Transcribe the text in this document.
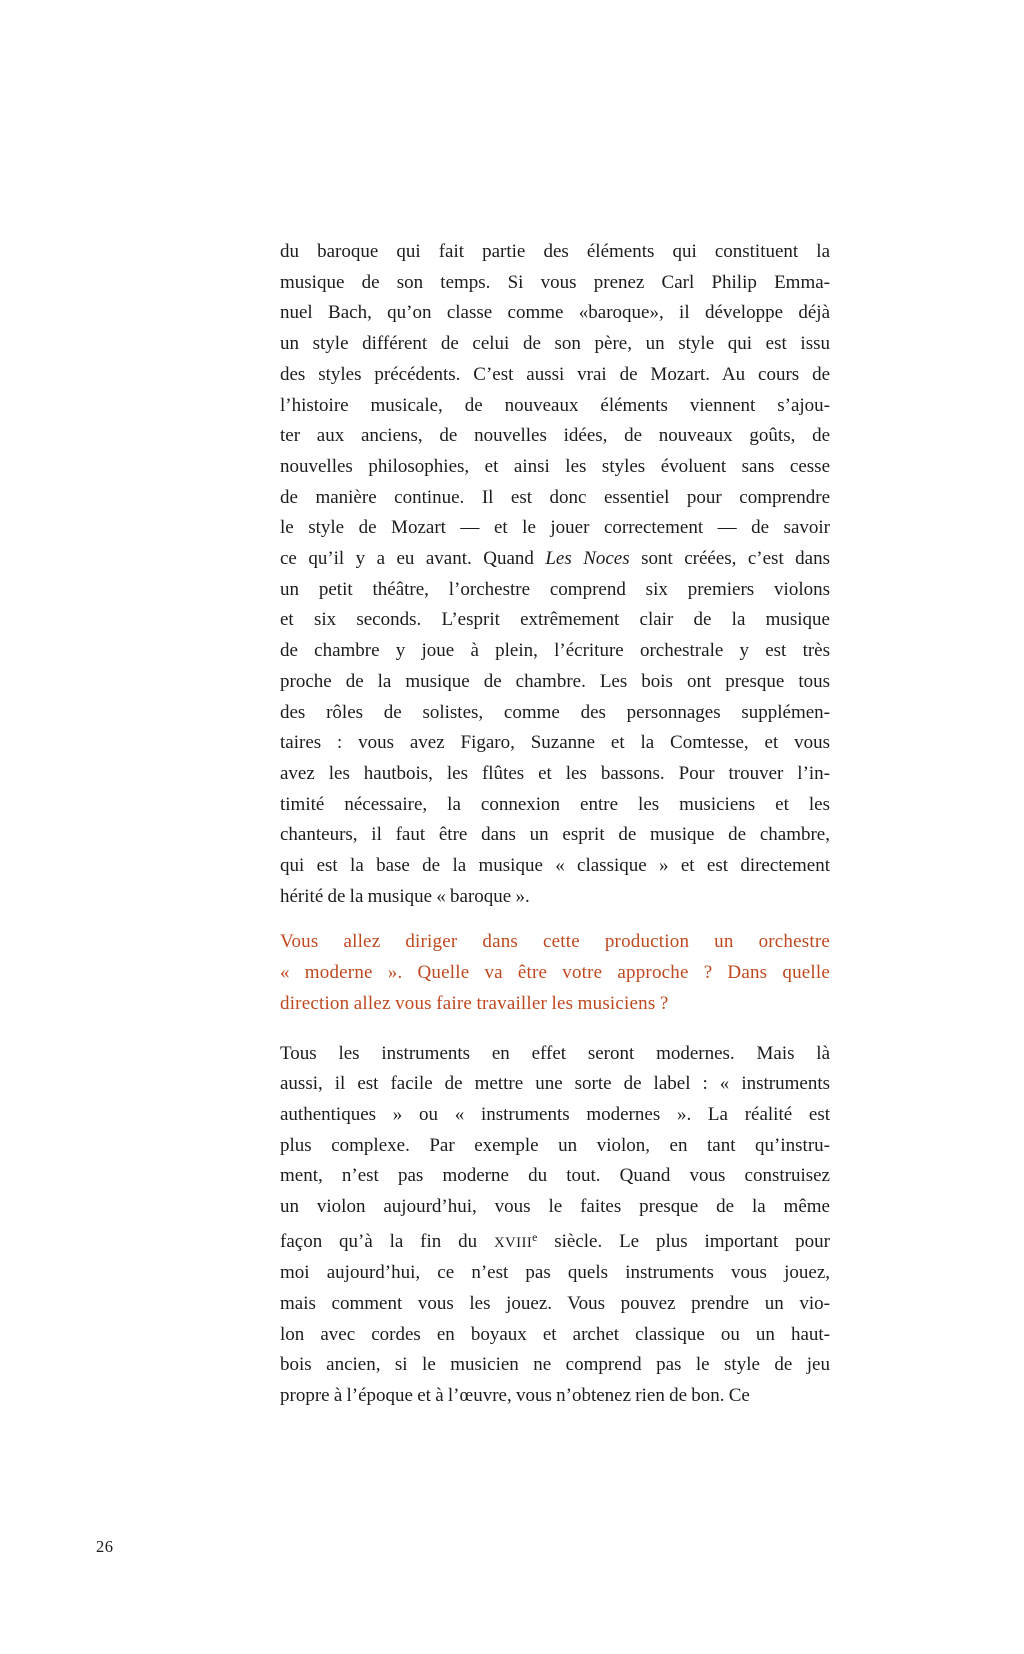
du baroque qui fait partie des éléments qui constituent la
musique de son temps. Si vous prenez Carl Philip Emma-
nuel Bach, qu’on classe comme «baroque», il développe déjà
un style différent de celui de son père, un style qui est issu
des styles précédents. C’est aussi vrai de Mozart. Au cours de
l’histoire musicale, de nouveaux éléments viennent s’ajou-
ter aux anciens, de nouvelles idées, de nouveaux goûts, de
nouvelles philosophies, et ainsi les styles évoluent sans cesse
de manière continue. Il est donc essentiel pour comprendre
le style de Mozart — et le jouer correctement — de savoir
ce qu’il y a eu avant. Quand Les Noces sont créées, c’est dans
un petit théâtre, l’orchestre comprend six premiers violons
et six seconds. L’esprit extrêmement clair de la musique
de chambre y joue à plein, l’écriture orchestrale y est très
proche de la musique de chambre. Les bois ont presque tous
des rôles de solistes, comme des personnages supplémen-
taires : vous avez Figaro, Suzanne et la Comtesse, et vous
avez les hautbois, les flûtes et les bassons. Pour trouver l’in-
timité nécessaire, la connexion entre les musiciens et les
chanteurs, il faut être dans un esprit de musique de chambre,
qui est la base de la musique « classique » et est directement
hérité de la musique « baroque ».
Vous allez diriger dans cette production un orchestre
« moderne ». Quelle va être votre approche ? Dans quelle
direction allez vous faire travailler les musiciens ?
Tous les instruments en effet seront modernes. Mais là
aussi, il est facile de mettre une sorte de label : « instruments
authentiques » ou « instruments modernes ». La réalité est
plus complexe. Par exemple un violon, en tant qu’instru-
ment, n’est pas moderne du tout. Quand vous construisez
un violon aujourd’hui, vous le faites presque de la même
façon qu’à la fin du XVIIIe siècle. Le plus important pour
moi aujourd’hui, ce n’est pas quels instruments vous jouez,
mais comment vous les jouez. Vous pouvez prendre un vio-
lon avec cordes en boyaux et archet classique ou un haut-
bois ancien, si le musicien ne comprend pas le style de jeu
propre à l’époque et à l’œuvre, vous n’obtenez rien de bon. Ce
26
